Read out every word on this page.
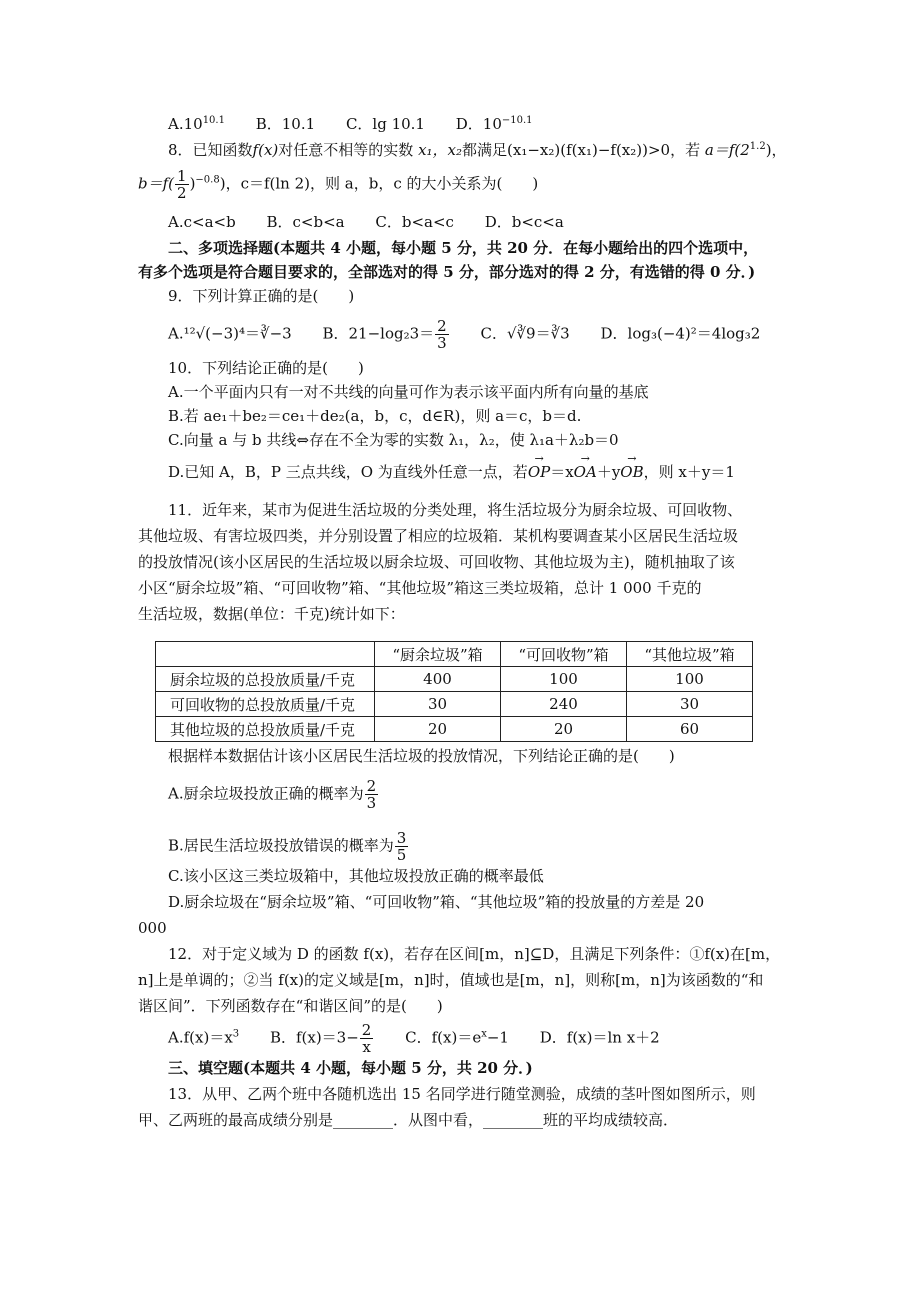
$A.10^{10.1}$ B．10.1 C．lg 10.1 D．$10^{-10.1}$
8．已知函数f(x)对任意不相等的实数 x₁，x₂都满足(x₁−x₂)(f(x₁)−f(x₂))>0，若 $a=f(2^{1.2})$，
$b=f( \frac{1}{2} )^{-0.8}$)，c＝f(ln 2)，则 a，b，c 的大小关系为(　　)
A.c<a<b B．c<b<a C．b<a<c D．b<c<a
二、多项选择题(本题共 4 小题，每小题 5 分，共 20 分．在每小题给出的四个选项中，
有多个选项是符合题目要求的，全部选对的得 5 分，部分选对的得 2 分，有选错的得 0 分．)
9．下列计算正确的是(　　)
A.¹²√(−3)⁴＝∛−3 B．$21-\log_23= \frac{2}{3}$ C．√∛9＝∛3 D．log₃(−4)²＝4log₃2
10．下列结论正确的是(　　)
A.一个平面内只有一对不共线的向量可作为表示该平面内所有向量的基底
B.若 ae₁＋be₂＝ce₁＋de₂(a，b，c，d∈R)，则 a＝c，b＝d.
C.向量 a 与 b 共线⇔存在不全为零的实数 λ₁，λ₂，使 λ₁a＋λ₂b＝0
D.已知 A，B，P 三点共线，O 为直线外任意一点，若→ OP＝x→ OA＋y→ OB，则 x＋y＝1
11．近年来，某市为促进生活垃圾的分类处理，将生活垃圾分为厨余垃圾、可回收物、
其他垃圾、有害垃圾四类，并分别设置了相应的垃圾箱．某机构要调查某小区居民生活垃圾
的投放情况(该小区居民的生活垃圾以厨余垃圾、可回收物、其他垃圾为主)，随机抽取了该
小区“厨余垃圾”箱、“可回收物”箱、“其他垃圾”箱这三类垃圾箱，总计 1 000 千克的
生活垃圾，数据(单位：千克)统计如下：
	“厨余垃圾”箱	“可回收物”箱	“其他垃圾”箱
厨余垃圾的总投放质量/千克	400	100	100
可回收物的总投放质量/千克	30	240	30
其他垃圾的总投放质量/千克	20	20	60
根据样本数据估计该小区居民生活垃圾的投放情况，下列结论正确的是(　　)
A.厨余垃圾投放正确的概率为 $\frac{2}{3}$
B.居民生活垃圾投放错误的概率为 $\frac{3}{5}$
C.该小区这三类垃圾箱中，其他垃圾投放正确的概率最低
D.厨余垃圾在“厨余垃圾”箱、“可回收物”箱、“其他垃圾”箱的投放量的方差是 20
000
12．对于定义域为 D 的函数 f(x)，若存在区间[m，n]⊆D，且满足下列条件：①f(x)在[m，
n]上是单调的；②当 f(x)的定义域是[m，n]时，值域也是[m，n]，则称[m，n]为该函数的“和
谐区间”．下列函数存在“和谐区间”的是(　　)
$A.f(x)=x^3$ B．$f(x)=3- \frac{2}{x}$ C．$f(x)=e^x-1$ D．f(x)＝ln x＋2
三、填空题(本题共 4 小题，每小题 5 分，共 20 分．)
13．从甲、乙两个班中各随机选出 15 名同学进行随堂测验，成绩的茎叶图如图所示，则
甲、乙两班的最高成绩分别是________．从图中看，________班的平均成绩较高．
